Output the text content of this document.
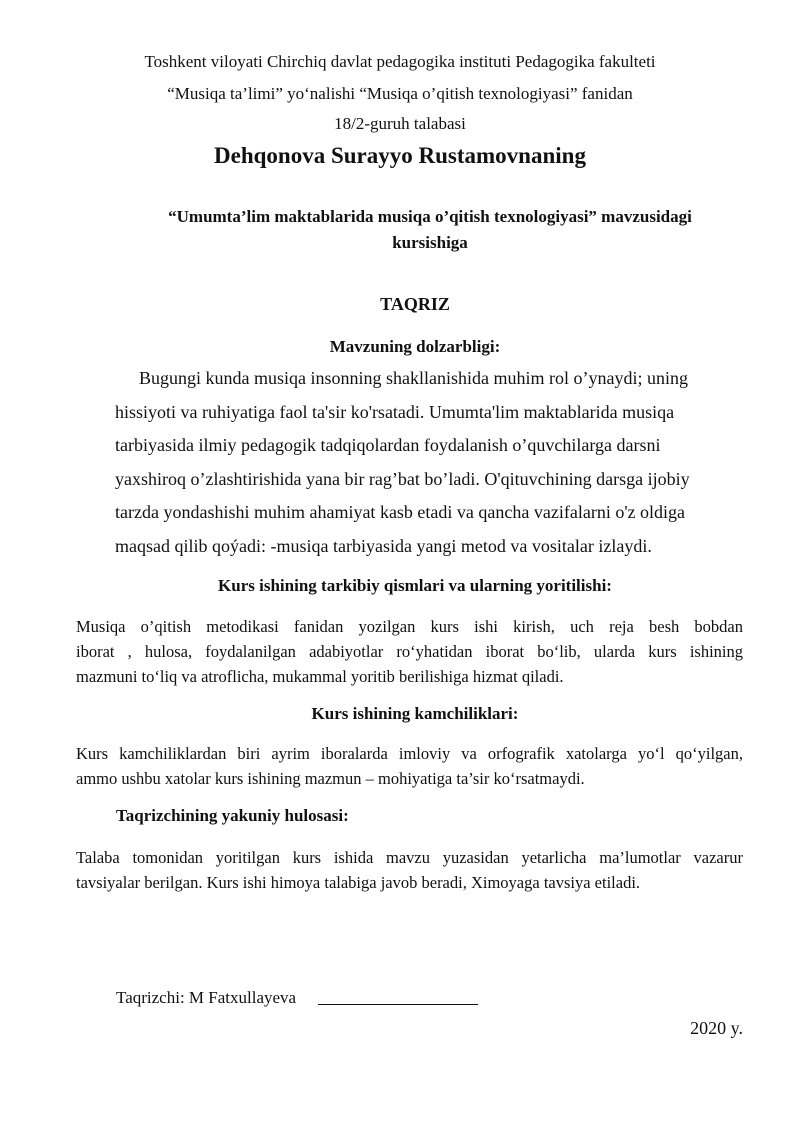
Toshkent viloyati Chirchiq davlat pedagogika instituti Pedagogika fakulteti
“Musiqa ta’limi” yo‘nalishi “Musiqa o’qitish texnologiyasi” fanidan
18/2-guruh talabasi
Dehqonova Surayyo Rustamovnaning
“Umumta’lim maktablarida musiqa o’qitish texnologiyasi” mavzusidagi
kursishiga
TAQRIZ
Mavzuning dolzarbligi:
Bugungi kunda musiqa insonning shakllanishida muhim rol o’ynaydi; uning
hissiyoti va ruhiyatiga faol ta'sir ko'rsatadi. Umumta'lim maktablarida musiqa
tarbiyasida ilmiy pedagogik tadqiqolardan foydalanish o’quvchilarga darsni
yaxshiroq o’zlashtirishida yana bir rag’bat bo’ladi. O'qituvchining darsga ijobiy
tarzda yondashishi muhim ahamiyat kasb etadi va qancha vazifalarni o'z oldiga
maqsad qilib qoýadi: -musiqa tarbiyasida yangi metod va vositalar izlaydi.
Kurs ishining tarkibiy qismlari va ularning yoritilishi:
Musiqa o’qitish metodikasi fanidan yozilgan kurs ishi kirish, uch reja besh bobdan
iborat , hulosa, foydalanilgan adabiyotlar ro‘yhatidan iborat bo‘lib, ularda kurs ishining
mazmuni to‘liq va atroflicha, mukammal yoritib berilishiga hizmat qiladi.
Kurs ishining kamchiliklari:
Kurs kamchiliklardan biri ayrim iboralarda imloviy va orfografik xatolarga yo‘l qo‘yilgan,
ammo ushbu xatolar kurs ishining mazmun – mohiyatiga ta’sir ko‘rsatmaydi.
Taqrizchining yakuniy hulosasi:
Talaba tomonidan yoritilgan kurs ishida mavzu yuzasidan yetarlicha ma’lumotlar vazarur
tavsiyalar berilgan. Kurs ishi himoya talabiga javob beradi, Ximoyaga tavsiya etiladi.
Taqrizchi: M Fatxullayeva
2020 y.
